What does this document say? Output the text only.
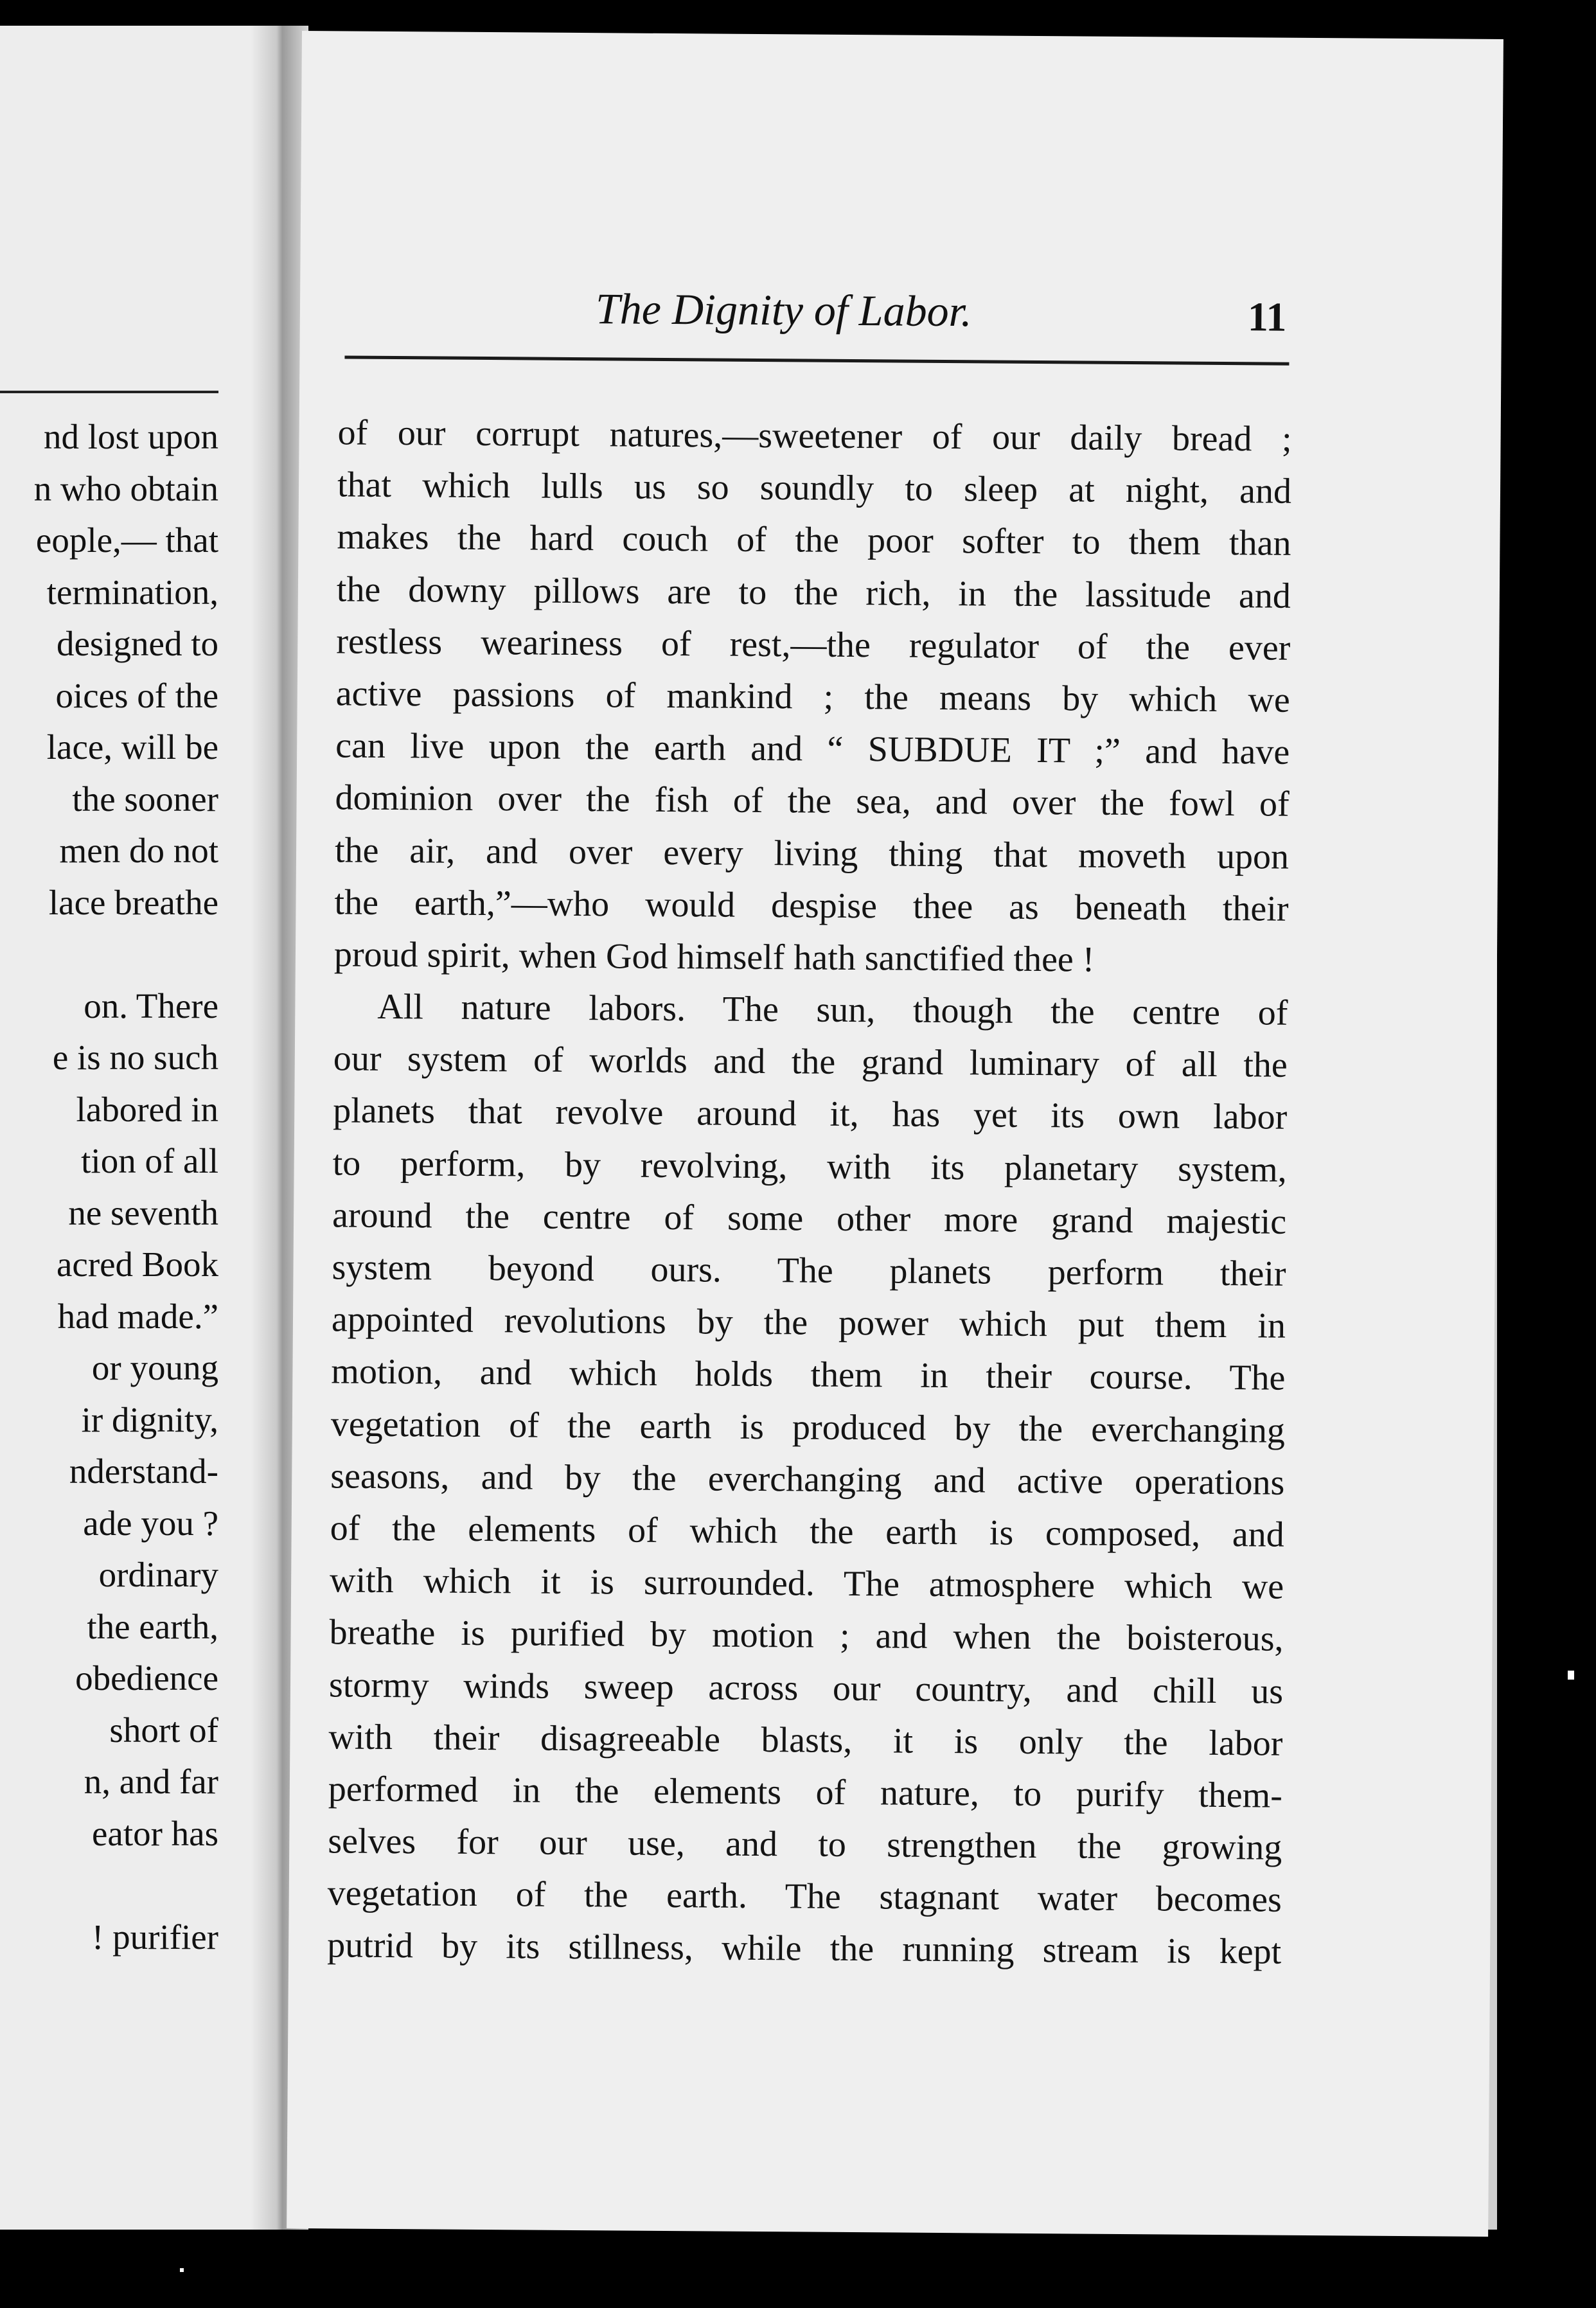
nd lost upon
n who obtain
eople,— that
termination,
designed to
oices of the
lace, will be
the sooner
men do not
lace breathe
on. There
e is no such
labored in
tion of all
ne seventh
acred Book
had made.”
or young
ir dignity,
nderstand-
ade you ?
ordinary
the earth,
obedience
short of
n, and far
eator has
! purifier
The Dignity of Labor.	11
of our corrupt natures,—sweetener of our daily bread ;
that which lulls us so soundly to sleep at night, and
makes the hard couch of the poor softer to them than
the downy pillows are to the rich, in the lassitude and
restless weariness of rest,—the regulator of the ever
active passions of mankind ; the means by which we
can live upon the earth and “ SUBDUE IT ;” and have
dominion over the fish of the sea, and over the fowl of
the air, and over every living thing that moveth upon
the earth,”—who would despise thee as beneath their
proud spirit, when God himself hath sanctified thee !
All nature labors. The sun, though the centre of
our system of worlds and the grand luminary of all the
planets that revolve around it, has yet its own labor
to perform, by revolving, with its planetary system,
around the centre of some other more grand majestic
system beyond ours. The planets perform their
appointed revolutions by the power which put them in
motion, and which holds them in their course. The
vegetation of the earth is produced by the everchanging
seasons, and by the everchanging and active operations
of the elements of which the earth is composed, and
with which it is surrounded. The atmosphere which we
breathe is purified by motion ; and when the boisterous,
stormy winds sweep across our country, and chill us
with their disagreeable blasts, it is only the labor
performed in the elements of nature, to purify them-
selves for our use, and to strengthen the growing
vegetation of the earth. The stagnant water becomes
putrid by its stillness, while the running stream is kept
